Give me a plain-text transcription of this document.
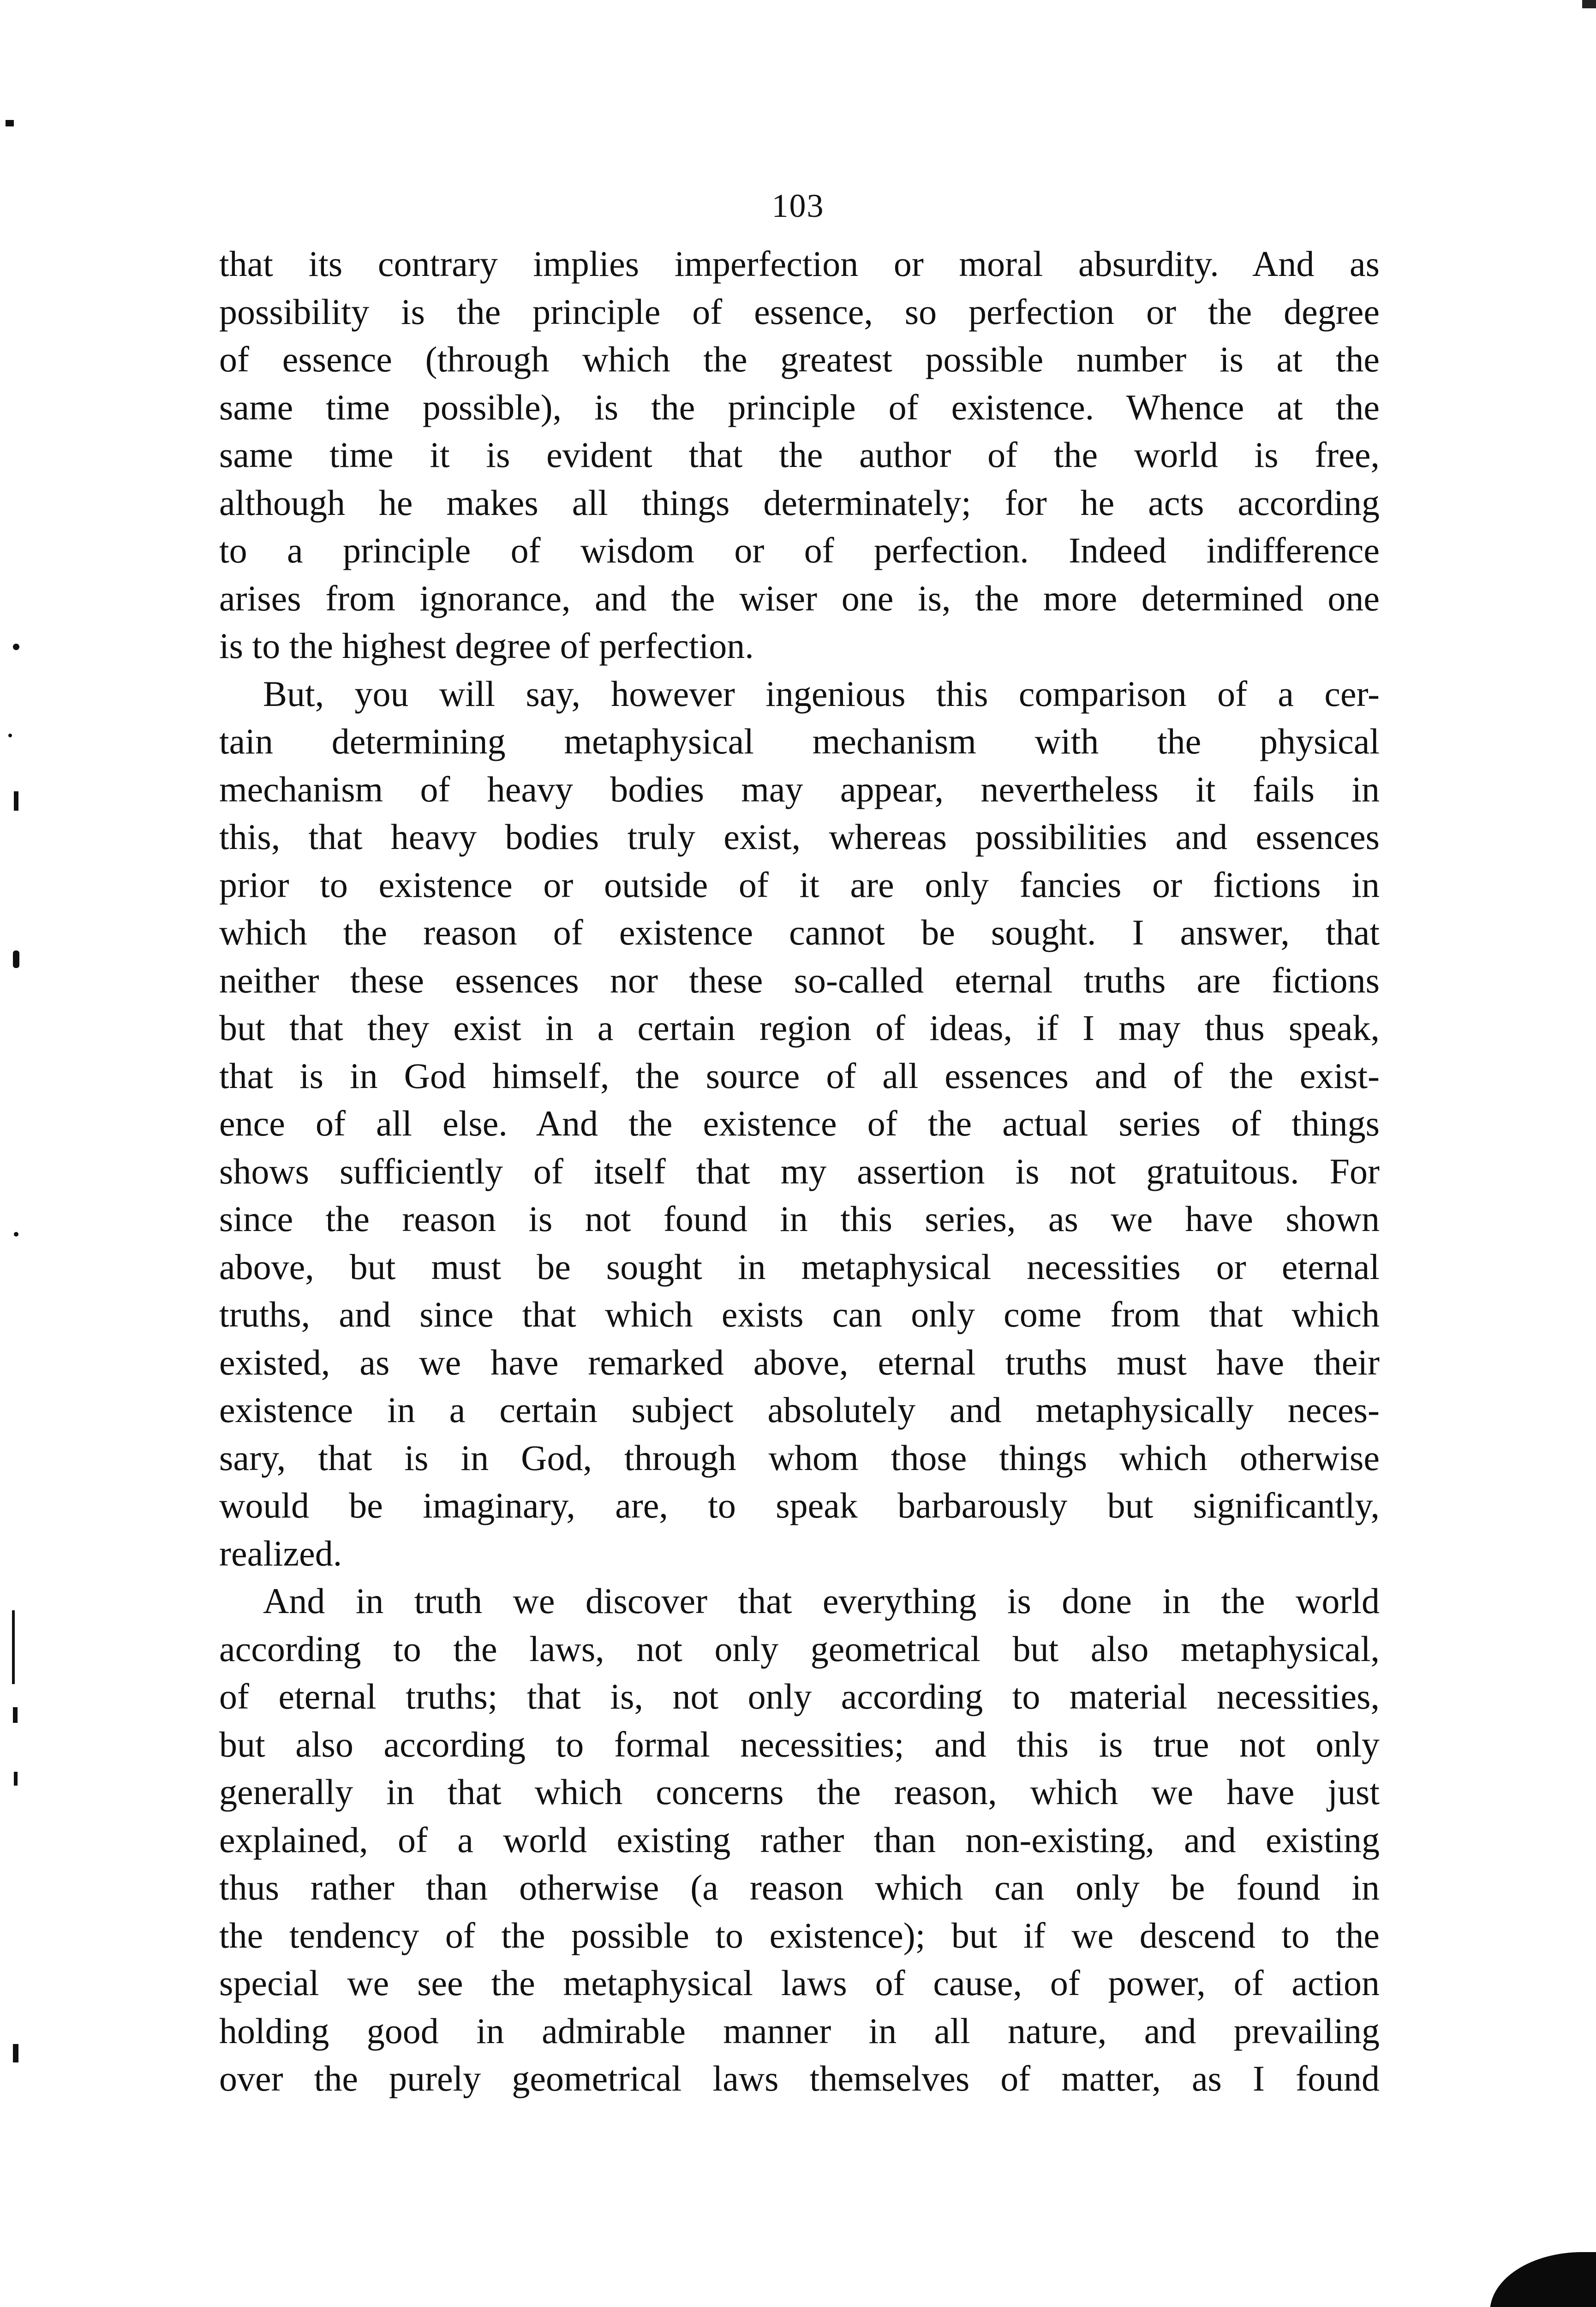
103

that its contrary implies imperfection or moral absurdity. And as
possibility is the principle of essence, so perfection or the degree
of essence (through which the greatest possible number is at the
same time possible), is the principle of existence. Whence at the
same time it is evident that the author of the world is free,
although he makes all things determinately; for he acts according
to a principle of wisdom or of perfection. Indeed indifference
arises from ignorance, and the wiser one is, the more determined one
is to the highest degree of perfection.

But, you will say, however ingenious this comparison of a cer-
tain determining metaphysical mechanism with the physical
mechanism of heavy bodies may appear, nevertheless it fails in
this, that heavy bodies truly exist, whereas possibilities and essences
prior to existence or outside of it are only fancies or fictions in
which the reason of existence cannot be sought. I answer, that
neither these essences nor these so-called eternal truths are fictions
but that they exist in a certain region of ideas, if I may thus speak,
that is in God himself, the source of all essences and of the exist-
ence of all else. And the existence of the actual series of things
shows sufficiently of itself that my assertion is not gratuitous. For
since the reason is not found in this series, as we have shown
above, but must be sought in metaphysical necessities or eternal
truths, and since that which exists can only come from that which
existed, as we have remarked above, eternal truths must have their
existence in a certain subject absolutely and metaphysically neces-
sary, that is in God, through whom those things which otherwise
would be imaginary, are, to speak barbarously but significantly,
realized.

And in truth we discover that everything is done in the world
according to the laws, not only geometrical but also metaphysical,
of eternal truths; that is, not only according to material necessities,
but also according to formal necessities; and this is true not only
generally in that which concerns the reason, which we have just
explained, of a world existing rather than non-existing, and existing
thus rather than otherwise (a reason which can only be found in
the tendency of the possible to existence); but if we descend to the
special we see the metaphysical laws of cause, of power, of action
holding good in admirable manner in all nature, and prevailing
over the purely geometrical laws themselves of matter, as I found
